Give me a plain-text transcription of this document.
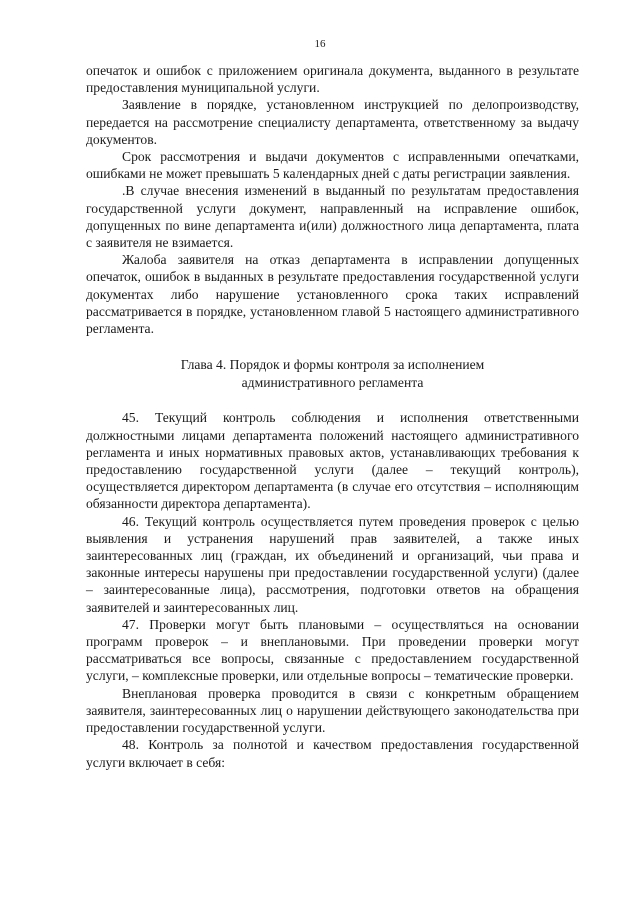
16

опечаток и ошибок с приложением оригинала документа, выданного в результате предоставления муниципальной услуги.

Заявление в порядке, установленном инструкцией по делопроизводству, передается на рассмотрение специалисту департамента, ответственному за выдачу документов.

Срок рассмотрения и выдачи документов с исправленными опечатками, ошибками не может превышать 5 календарных дней с даты регистрации заявления.

.В случае внесения изменений в выданный по результатам предоставления государственной услуги документ, направленный на исправление ошибок, допущенных по вине департамента и(или) должностного лица департамента, плата с заявителя не взимается.

Жалоба заявителя на отказ департамента в исправлении допущенных опечаток, ошибок в выданных в результате предоставления государственной услуги документах либо нарушение установленного срока таких исправлений рассматривается в порядке, установленном главой 5 настоящего административного регламента.

Глава 4. Порядок и формы контроля за исполнением
административного регламента

45. Текущий контроль соблюдения и исполнения ответственными должностными лицами департамента положений настоящего административного регламента и иных нормативных правовых актов, устанавливающих требования к предоставлению государственной услуги (далее – текущий контроль), осуществляется директором департамента (в случае его отсутствия – исполняющим обязанности директора департамента).

46. Текущий контроль осуществляется путем проведения проверок с целью выявления и устранения нарушений прав заявителей, а также иных заинтересованных лиц (граждан, их объединений и организаций, чьи права и законные интересы нарушены при предоставлении государственной услуги) (далее – заинтересованные лица), рассмотрения, подготовки ответов на обращения заявителей и заинтересованных лиц.

47. Проверки могут быть плановыми – осуществляться на основании программ проверок – и внеплановыми. При проведении проверки могут рассматриваться все вопросы, связанные с предоставлением государственной услуги, – комплексные проверки, или отдельные вопросы – тематические проверки.

Внеплановая проверка проводится в связи с конкретным обращением заявителя, заинтересованных лиц о нарушении действующего законодательства при предоставлении государственной услуги.

48. Контроль за полнотой и качеством предоставления государственной услуги включает в себя:
